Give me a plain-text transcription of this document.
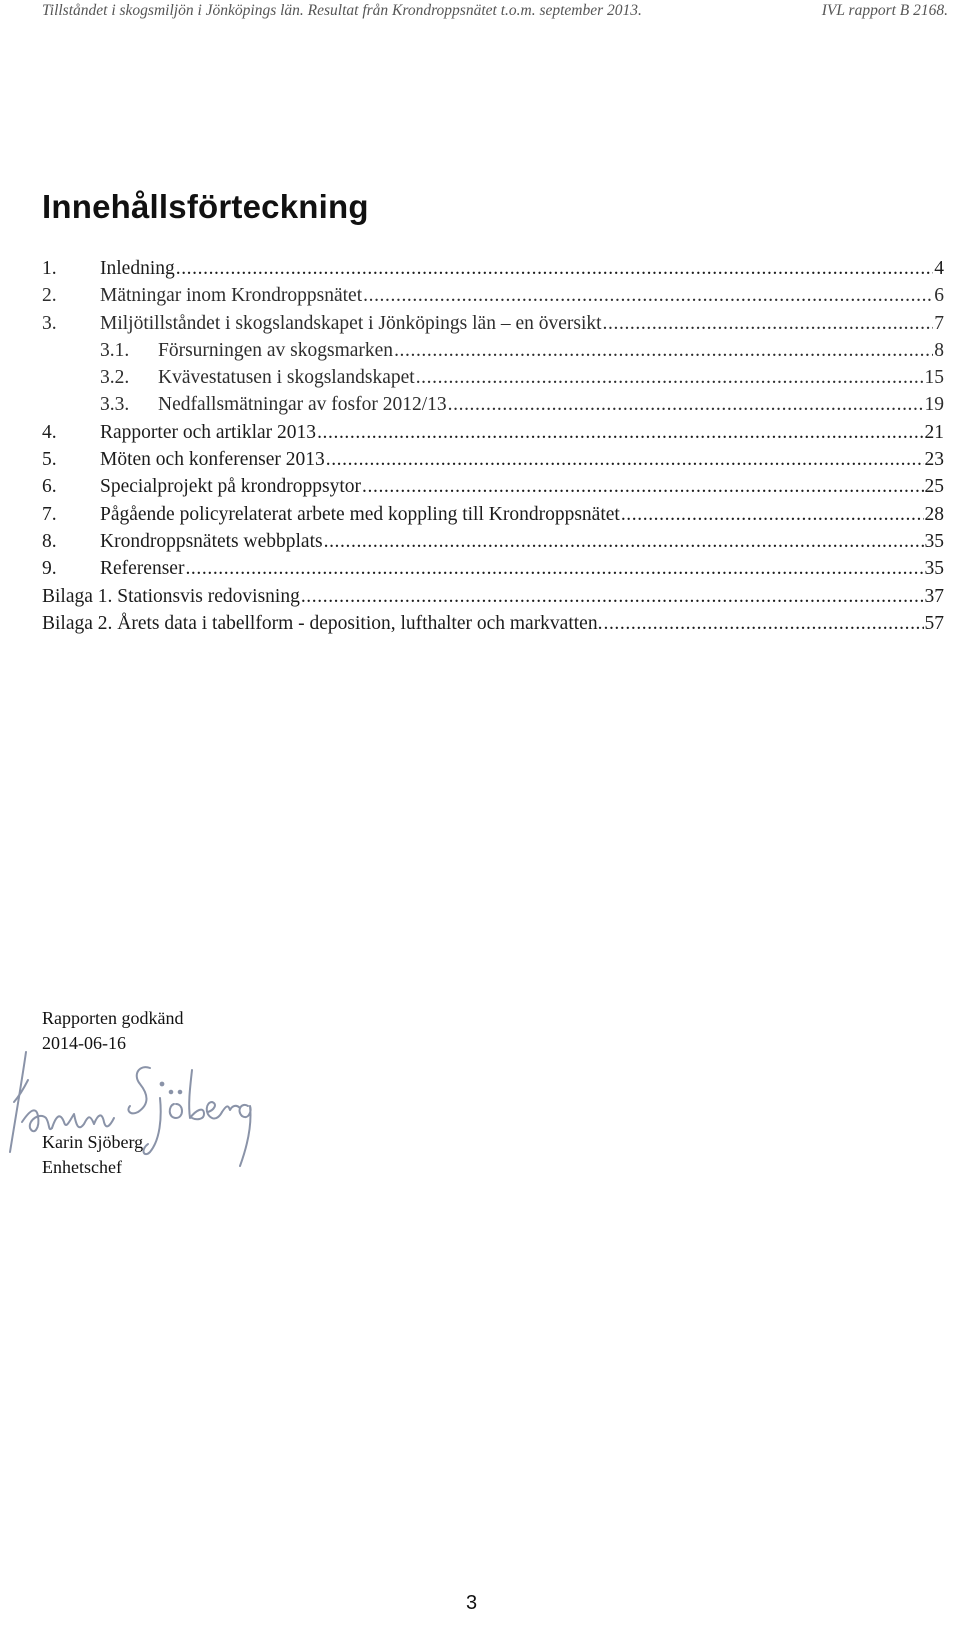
Tillståndet i skogsmiljön i Jönköpings län. Resultat från Krondroppsnätet t.o.m. september 2013.	IVL rapport B 2168.
Innehållsförteckning
1.	Inledning .....	4
2.	Mätningar inom Krondroppsnätet .....	6
3.	Miljötillståndet i skogslandskapet i Jönköpings län – en översikt .....	7
3.1.	Försurningen av skogsmarken .....	8
3.2.	Kvävestatusen i skogslandskapet .....	15
3.3.	Nedfallsmätningar av fosfor 2012/13 .....	19
4.	Rapporter och artiklar 2013 .....	21
5.	Möten och konferenser 2013 .....	23
6.	Specialprojekt på krondroppsytor .....	25
7.	Pågående policyrelaterat arbete med koppling till Krondroppsnätet .....	28
8.	Krondroppsnätets webbplats .....	35
9.	Referenser .....	35
Bilaga 1. Stationsvis redovisning .....	37
Bilaga 2. Årets data i tabellform - deposition, lufthalter och markvatten. .....	57
Rapporten godkänd
2014-06-16
Karin Sjöberg
Enhetschef
3
